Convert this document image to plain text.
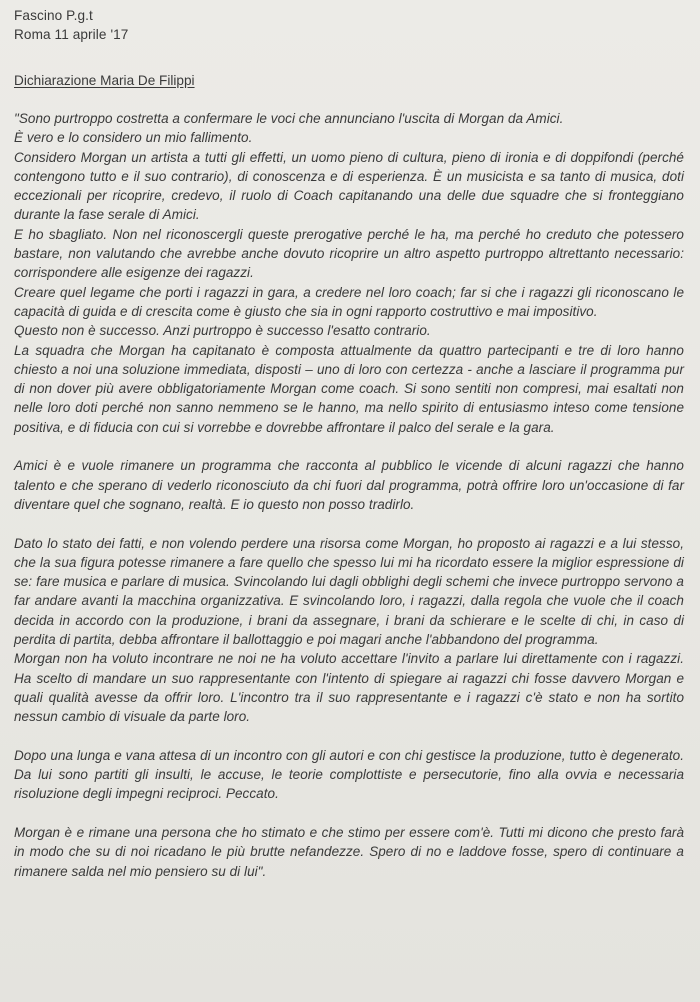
Fascino P.g.t
Roma 11 aprile '17
Dichiarazione Maria De Filippi

"Sono purtroppo costretta a confermare le voci che annunciano l'uscita di Morgan da Amici.

È vero e lo considero un mio fallimento.

Considero Morgan un artista a tutti gli effetti, un uomo pieno di cultura, pieno di ironia e di doppifondi (perché contengono tutto e il suo contrario), di conoscenza e di esperienza. È un musicista e sa tanto di musica, doti eccezionali per ricoprire, credevo, il ruolo di Coach capitanando una delle due squadre che si fronteggiano durante la fase serale di Amici.

E ho sbagliato. Non nel riconoscergli queste prerogative perché le ha, ma perché ho creduto che potessero bastare, non valutando che avrebbe anche dovuto ricoprire un altro aspetto purtroppo altrettanto necessario: corrispondere alle esigenze dei ragazzi.

Creare quel legame che porti i ragazzi in gara, a credere nel loro coach; far si che i ragazzi gli riconoscano le capacità di guida e di crescita come è giusto che sia in ogni rapporto costruttivo e mai impositivo.

Questo non è successo. Anzi purtroppo è successo l'esatto contrario.

La squadra che Morgan ha capitanato è composta attualmente da quattro partecipanti e tre di loro hanno chiesto a noi una soluzione immediata, disposti – uno di loro con certezza - anche a lasciare il programma pur di non dover più avere obbligatoriamente Morgan come coach. Si sono sentiti non compresi, mai esaltati non nelle loro doti perché non sanno nemmeno se le hanno, ma nello spirito di entusiasmo inteso come tensione positiva, e di fiducia con cui si vorrebbe e dovrebbe affrontare il palco del serale e la gara.

Amici è e vuole rimanere un programma che racconta al pubblico le vicende di alcuni ragazzi che hanno talento e che sperano di vederlo riconosciuto da chi fuori dal programma, potrà offrire loro un'occasione di far diventare quel che sognano, realtà. E io questo non posso tradirlo.

Dato lo stato dei fatti, e non volendo perdere una risorsa come Morgan, ho proposto ai ragazzi e a lui stesso, che la sua figura potesse rimanere a fare quello che spesso lui mi ha ricordato essere la miglior espressione di se: fare musica e parlare di musica. Svincolando lui dagli obblighi degli schemi che invece purtroppo servono a far andare avanti la macchina organizzativa. E svincolando loro, i ragazzi, dalla regola che vuole che il coach decida in accordo con la produzione, i brani da assegnare, i brani da schierare e le scelte di chi, in caso di perdita di partita, debba affrontare il ballottaggio e poi magari anche l'abbandono del programma.

Morgan non ha voluto incontrare ne noi ne ha voluto accettare l'invito a parlare lui direttamente con i ragazzi. Ha scelto di mandare un suo rappresentante con l'intento di spiegare ai ragazzi chi fosse davvero Morgan e quali qualità avesse da offrir loro. L'incontro tra il suo rappresentante e i ragazzi c'è stato e non ha sortito nessun cambio di visuale da parte loro.

Dopo una lunga e vana attesa di un incontro con gli autori e con chi gestisce la produzione, tutto è degenerato. Da lui sono partiti gli insulti, le accuse, le teorie complottiste e persecutorie, fino alla ovvia e necessaria risoluzione degli impegni reciproci. Peccato.

Morgan è e rimane una persona che ho stimato e che stimo per essere com'è. Tutti mi dicono che presto farà in modo che su di noi ricadano le più brutte nefandezze. Spero di no e laddove fosse, spero di continuare a rimanere salda nel mio pensiero su di lui".
